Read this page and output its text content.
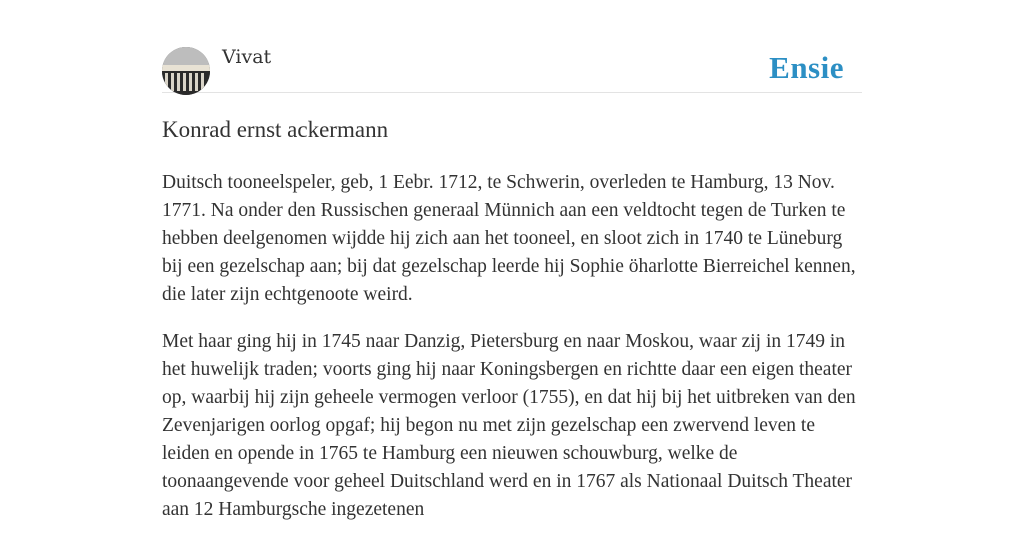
Vivat	Ensie
Konrad ernst ackermann

Duitsch tooneelspeler, geb, 1 Eebr. 1712, te Schwerin, overleden te Hamburg, 13 Nov. 1771. Na onder den Russischen generaal Münnich aan een veldtocht tegen de Turken te hebben deelgenomen wijdde hij zich aan het tooneel, en sloot zich in 1740 te Lüneburg bij een gezelschap aan; bij dat gezelschap leerde hij Sophie öharlotte Bierreichel kennen, die later zijn echtgenoote weird.

Met haar ging hij in 1745 naar Danzig, Pietersburg en naar Moskou, waar zij in 1749 in het huwelijk traden; voorts ging hij naar Koningsbergen en richtte daar een eigen theater op, waarbij hij zijn geheele vermogen verloor (1755), en dat hij bij het uitbreken van den Zevenjarigen oorlog opgaf; hij begon nu met zijn gezelschap een zwervend leven te leiden en opende in 1765 te Hamburg een nieuwen schouwburg, welke de toonaangevende voor geheel Duitschland werd en in 1767 als Nationaal Duitsch Theater aan 12 Hamburgsche ingezetenen
